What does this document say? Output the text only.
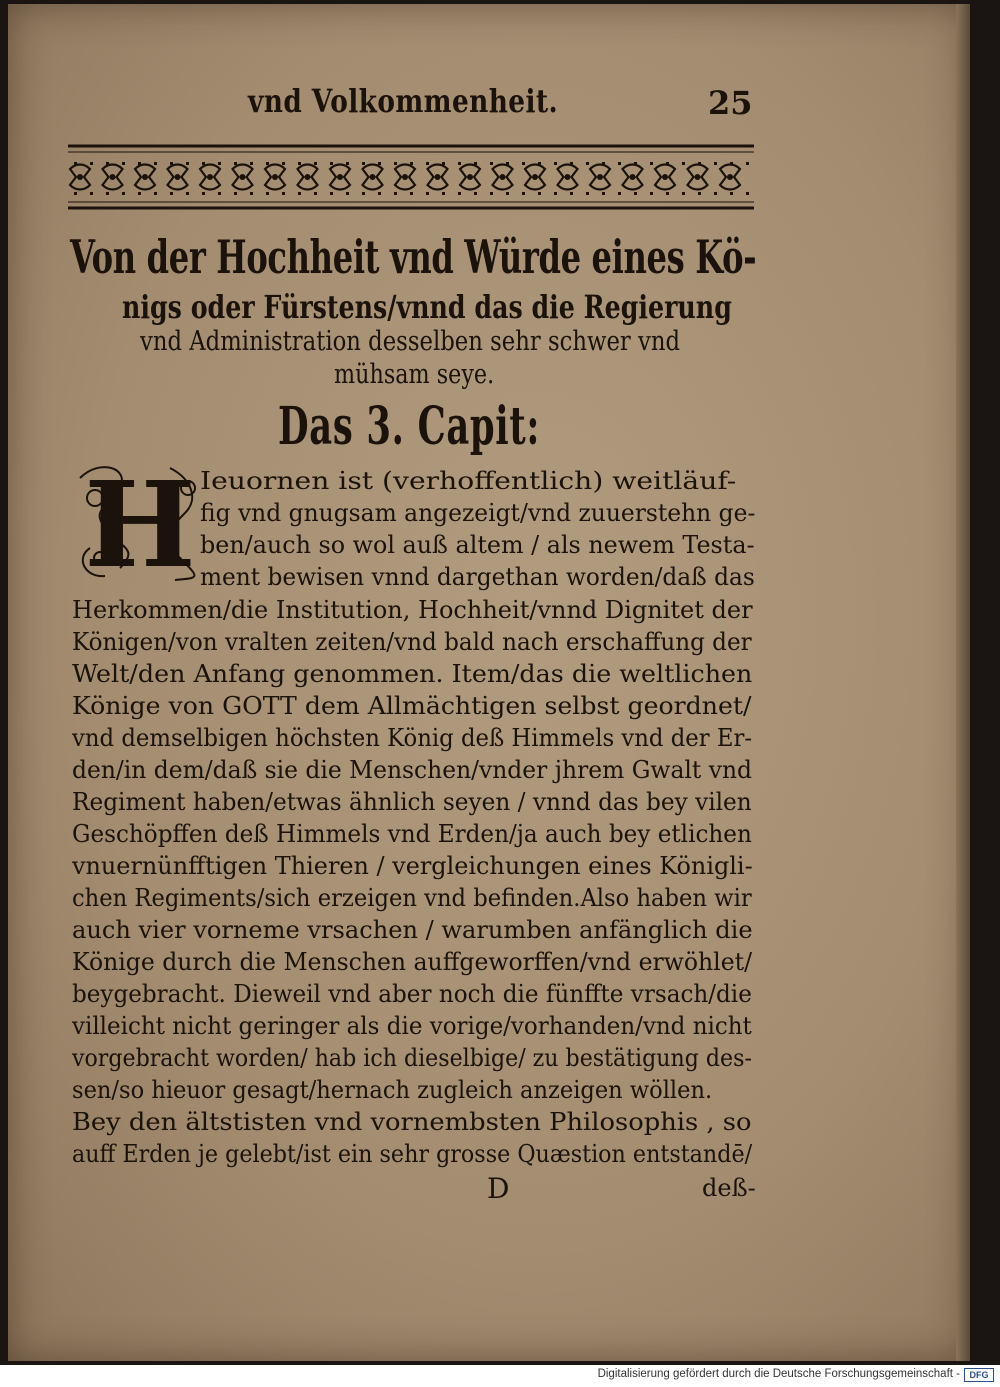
vnd Volkommenheit.	25
Von der Hochheit vnd Würde eines Kö-
nigs oder Fürstens/vnnd das die Regierung
vnd Administration desselben sehr schwer vnd
mühsam seye.
Das 3. Capit:
H Ieuornen ist (verhoffentlich) weitläuf-
fig vnd gnugsam angezeigt/vnd zuuerstehn ge-
ben/auch so wol auß altem / als newem Testa-
ment bewisen vnnd dargethan worden/daß das
Herkommen/die Institution, Hochheit/vnnd Dignitet der
Königen/von vralten zeiten/vnd bald nach erschaffung der
Welt/den Anfang genommen. Item/das die weltlichen
Könige von GOTT dem Allmächtigen selbst geordnet/
vnd demselbigen höchsten König deß Himmels vnd der Er-
den/in dem/daß sie die Menschen/vnder jhrem Gwalt vnd
Regiment haben/etwas ähnlich seyen / vnnd das bey vilen
Geschöpffen deß Himmels vnd Erden/ja auch bey etlichen
vnuernünfftigen Thieren / vergleichungen eines Königli-
chen Regiments/sich erzeigen vnd befinden.Also haben wir
auch vier vorneme vrsachen / warumben anfänglich die
Könige durch die Menschen auffgeworffen/vnd erwöhlet/
beygebracht. Dieweil vnd aber noch die fünffte vrsach/die
villeicht nicht geringer als die vorige/vorhanden/vnd nicht
vorgebracht worden/ hab ich dieselbige/ zu bestätigung des-
sen/so hieuor gesagt/hernach zugleich anzeigen wöllen.
Bey den ältstisten vnd vornembsten Philosophis , so
auff Erden je gelebt/ist ein sehr grosse Quæstion entstandē/
D	deß-
Digitalisierung gefördert durch die Deutsche Forschungsgemeinschaft -	DFG
